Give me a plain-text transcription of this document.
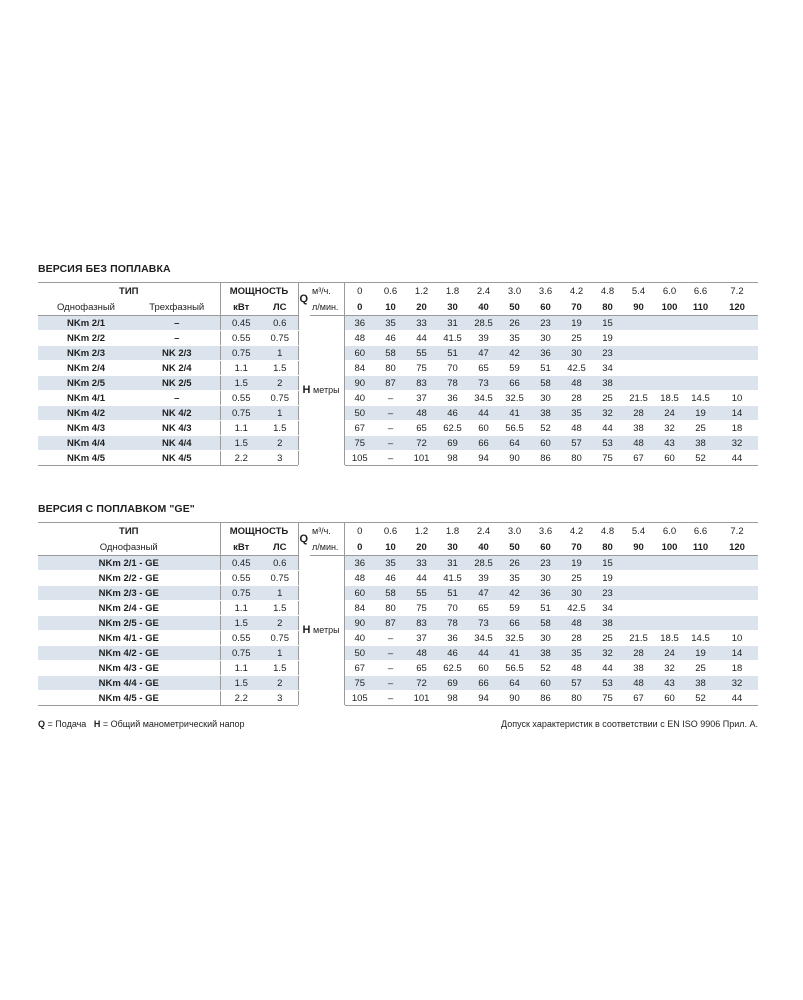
ВЕРСИЯ БЕЗ ПОПЛАВКА
ТИП		МОЩНОСТЬ		Q	м³/ч.	0	0.6	1.2	1.8	2.4	3.0	3.6	4.2	4.8	5.4	6.0	6.6	7.2
Однофазный	Трехфазный	кВт	ЛС		л/мин.	0	10	20	30	40	50	60	70	80	90	100	110	120
NKm 2/1	–	0.45	0.6	H метры		36	35	33	31	28.5	26	23	19	15				
NKm 2/2	–	0.55	0.75			48	46	44	41.5	39	35	30	25	19				
NKm 2/3	NK 2/3	0.75	1			60	58	55	51	47	42	36	30	23				
NKm 2/4	NK 2/4	1.1	1.5			84	80	75	70	65	59	51	42.5	34				
NKm 2/5	NK 2/5	1.5	2			90	87	83	78	73	66	58	48	38				
NKm 4/1	–	0.55	0.75			40	–	37	36	34.5	32.5	30	28	25	21.5	18.5	14.5	10
NKm 4/2	NK 4/2	0.75	1			50	–	48	46	44	41	38	35	32	28	24	19	14
NKm 4/3	NK 4/3	1.1	1.5			67	–	65	62.5	60	56.5	52	48	44	38	32	25	18
NKm 4/4	NK 4/4	1.5	2			75	–	72	69	66	64	60	57	53	48	43	38	32
NKm 4/5	NK 4/5	2.2	3			105	–	101	98	94	90	86	80	75	67	60	52	44
ВЕРСИЯ С ПОПЛАВКОМ "GE"
ТИП	МОЩНОСТЬ		Q	м³/ч.	0	0.6	1.2	1.8	2.4	3.0	3.6	4.2	4.8	5.4	6.0	6.6	7.2
Однофазный	кВт	ЛС		л/мин.	0	10	20	30	40	50	60	70	80	90	100	110	120
NKm 2/1 - GE	0.45	0.6	H метры		36	35	33	31	28.5	26	23	19	15				
NKm 2/2 - GE	0.55	0.75			48	46	44	41.5	39	35	30	25	19				
NKm 2/3 - GE	0.75	1			60	58	55	51	47	42	36	30	23				
NKm 2/4 - GE	1.1	1.5			84	80	75	70	65	59	51	42.5	34				
NKm 2/5 - GE	1.5	2			90	87	83	78	73	66	58	48	38				
NKm 4/1 - GE	0.55	0.75			40	–	37	36	34.5	32.5	30	28	25	21.5	18.5	14.5	10
NKm 4/2 - GE	0.75	1			50	–	48	46	44	41	38	35	32	28	24	19	14
NKm 4/3 - GE	1.1	1.5			67	–	65	62.5	60	56.5	52	48	44	38	32	25	18
NKm 4/4 - GE	1.5	2			75	–	72	69	66	64	60	57	53	48	43	38	32
NKm 4/5 - GE	2.2	3			105	–	101	98	94	90	86	80	75	67	60	52	44
Q = Подача H = Общий манометрический напор	Допуск характеристик в соответствии с EN ISO 9906 Прил. А.
